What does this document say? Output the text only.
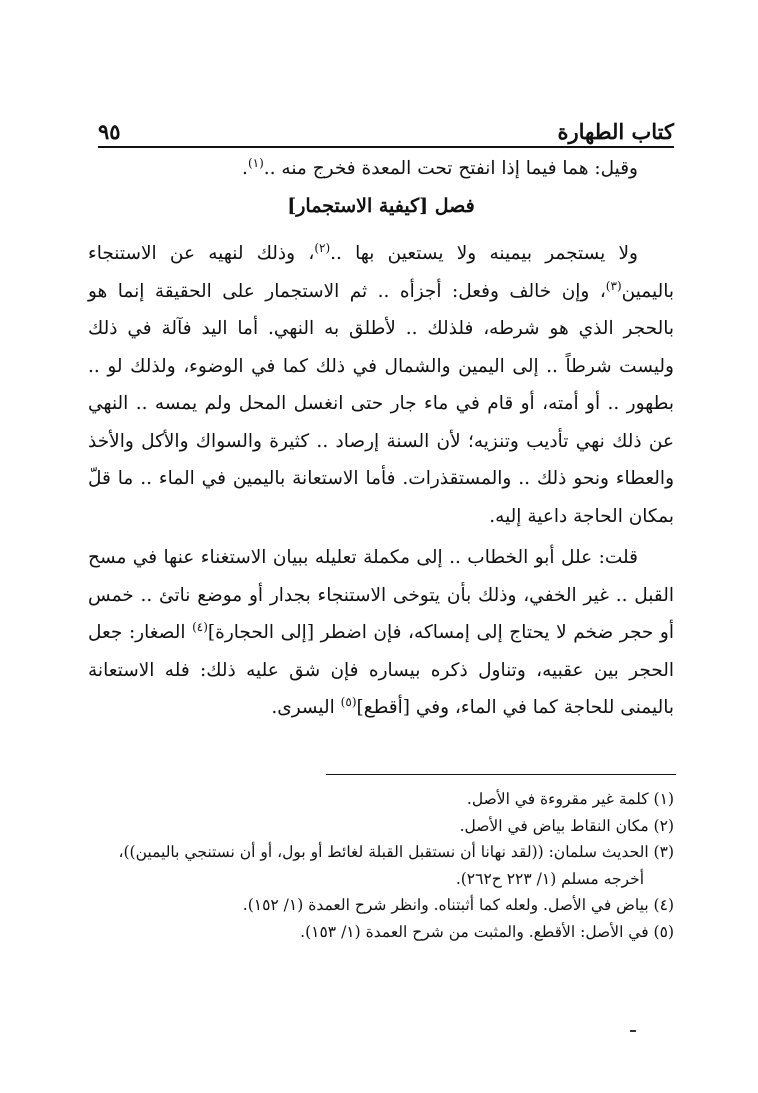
كتاب الطهارة
٩٥

وقيل: هما فيما إذا انفتح تحت المعدة فخرج منه ..$^{(١)}$.

فصل [كيفية الاستجمار]

ولا يستجمر بيمينه ولا يستعين بها ..$^{(٢)}$، وذلك لنهيه عن الاستنجاء باليمين$^{(٣)}$، وإن خالف وفعل: أجزأه .. ثم الاستجمار على الحقيقة إنما هو بالحجر الذي هو شرطه، فلذلك .. لأطلق به النهي. أما اليد فآلة في ذلك وليست شرطاً .. إلى اليمين والشمال في ذلك كما في الوضوء، ولذلك لو .. بطهور .. أو أمته، أو قام في ماء جار حتى انغسل المحل ولم يمسه .. النهي عن ذلك نهي تأديب وتنزيه؛ لأن السنة إرصاد .. كثيرة والسواك والأكل والأخذ والعطاء ونحو ذلك .. والمستقذرات. فأما الاستعانة باليمين في الماء .. ما قلّ بمكان الحاجة داعية إليه.

قلت: علل أبو الخطاب .. إلى مكملة تعليله ببيان الاستغناء عنها في مسح القبل .. غير الخفي، وذلك بأن يتوخى الاستنجاء بجدار أو موضع ناتئ .. خمس أو حجر ضخم لا يحتاج إلى إمساكه، فإن اضطر [إلى الحجارة]$^{(٤)}$ الصغار: جعل الحجر بين عقبيه، وتناول ذكره بيساره فإن شق عليه ذلك: فله الاستعانة باليمنى للحاجة كما في الماء، وفي [أقطع]$^{(٥)}$ اليسرى.

(١) كلمة غير مقروءة في الأصل.

(٢) مكان النقاط بياض في الأصل.

(٣) الحديث سلمان: ((لقد نهانا أن نستقبل القبلة لغائط أو بول، أو أن نستنجي باليمين))،

أخرجه مسلم (١/ ٢٢٣ ح٢٦٢).

(٤) بياض في الأصل. ولعله كما أثبتناه. وانظر شرح العمدة (١/ ١٥٢).

(٥) في الأصل: الأقطع. والمثبت من شرح العمدة (١/ ١٥٣).
